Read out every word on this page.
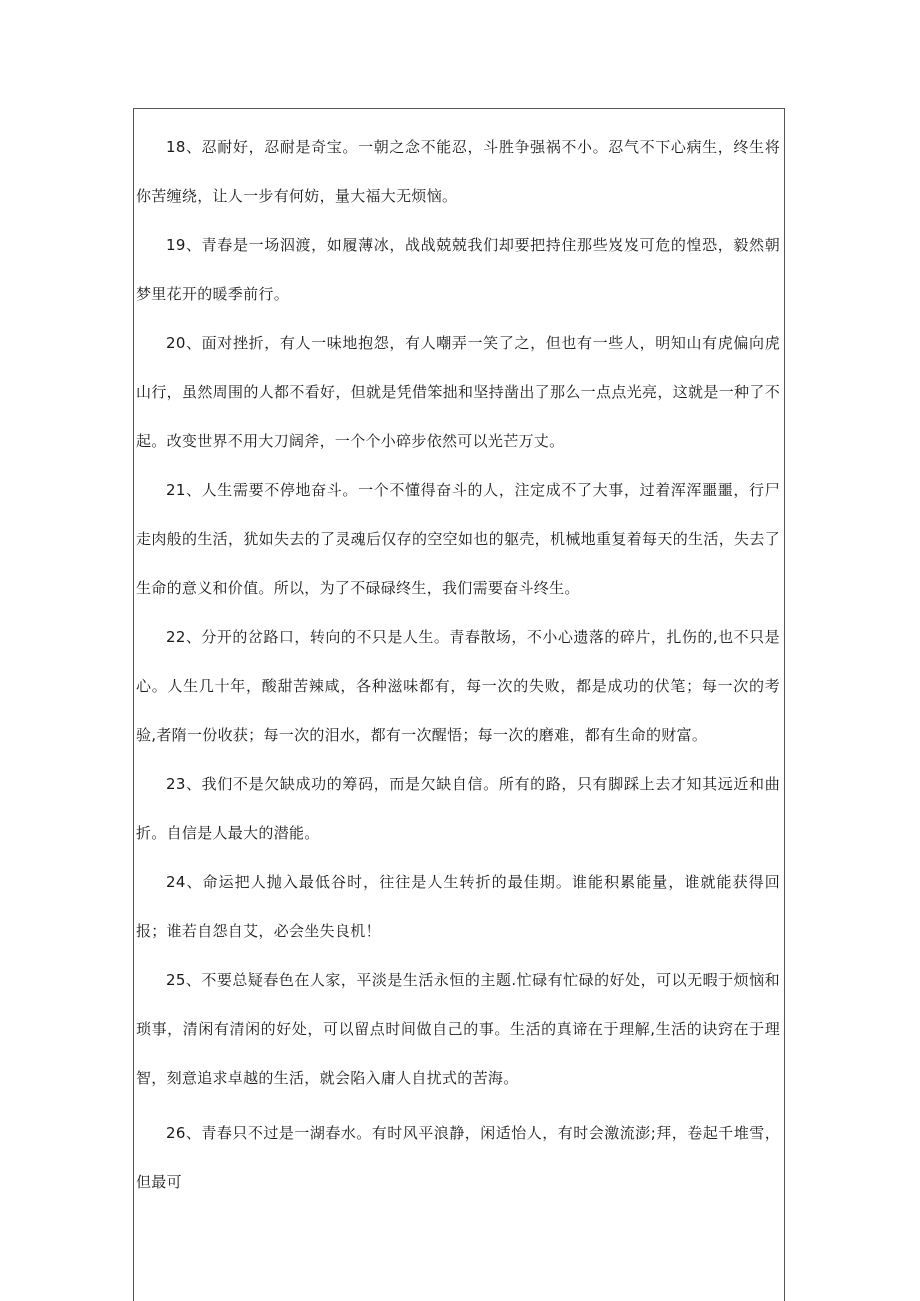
18、忍耐好，忍耐是奇宝。一朝之念不能忍，斗胜争强祸不小。忍气不下心病生，终生将你苦缠绕，让人一步有何妨，量大福大无烦恼。

19、青春是一场泅渡，如履薄冰，战战兢兢我们却要把持住那些岌岌可危的惶恐，毅然朝梦里花开的暖季前行。

20、面对挫折，有人一味地抱怨，有人嘲弄一笑了之，但也有一些人，明知山有虎偏向虎山行，虽然周围的人都不看好，但就是凭借笨拙和坚持凿出了那么一点点光亮，这就是一种了不起。改变世界不用大刀阔斧，一个个小碎步依然可以光芒万丈。

21、人生需要不停地奋斗。一个不懂得奋斗的人，注定成不了大事，过着浑浑噩噩，行尸走肉般的生活，犹如失去的了灵魂后仅存的空空如也的躯壳，机械地重复着每天的生活，失去了生命的意义和价值。所以，为了不碌碌终生，我们需要奋斗终生。

22、分开的岔路口，转向的不只是人生。青春散场，不小心遗落的碎片，扎伤的,也不只是心。人生几十年，酸甜苦辣咸，各种滋味都有，每一次的失败，都是成功的伏笔；每一次的考验,者隋一份收获；每一次的泪水，都有一次醒悟；每一次的磨难，都有生命的财富。

23、我们不是欠缺成功的筹码，而是欠缺自信。所有的路，只有脚踩上去才知其远近和曲折。自信是人最大的潜能。

24、命运把人抛入最低谷时，往往是人生转折的最佳期。谁能积累能量，谁就能获得回报；谁若自怨自艾，必会坐失良机！

25、不要总疑春色在人家，平淡是生活永恒的主题.忙碌有忙碌的好处，可以无暇于烦恼和琐事，清闲有清闲的好处，可以留点时间做自己的事。生活的真谛在于理解,生活的诀窍在于理智，刻意追求卓越的生活，就会陷入庸人自扰式的苦海。

26、青春只不过是一湖春水。有时风平浪静，闲适怡人，有时会激流澎;拜，卷起千堆雪，但最可
